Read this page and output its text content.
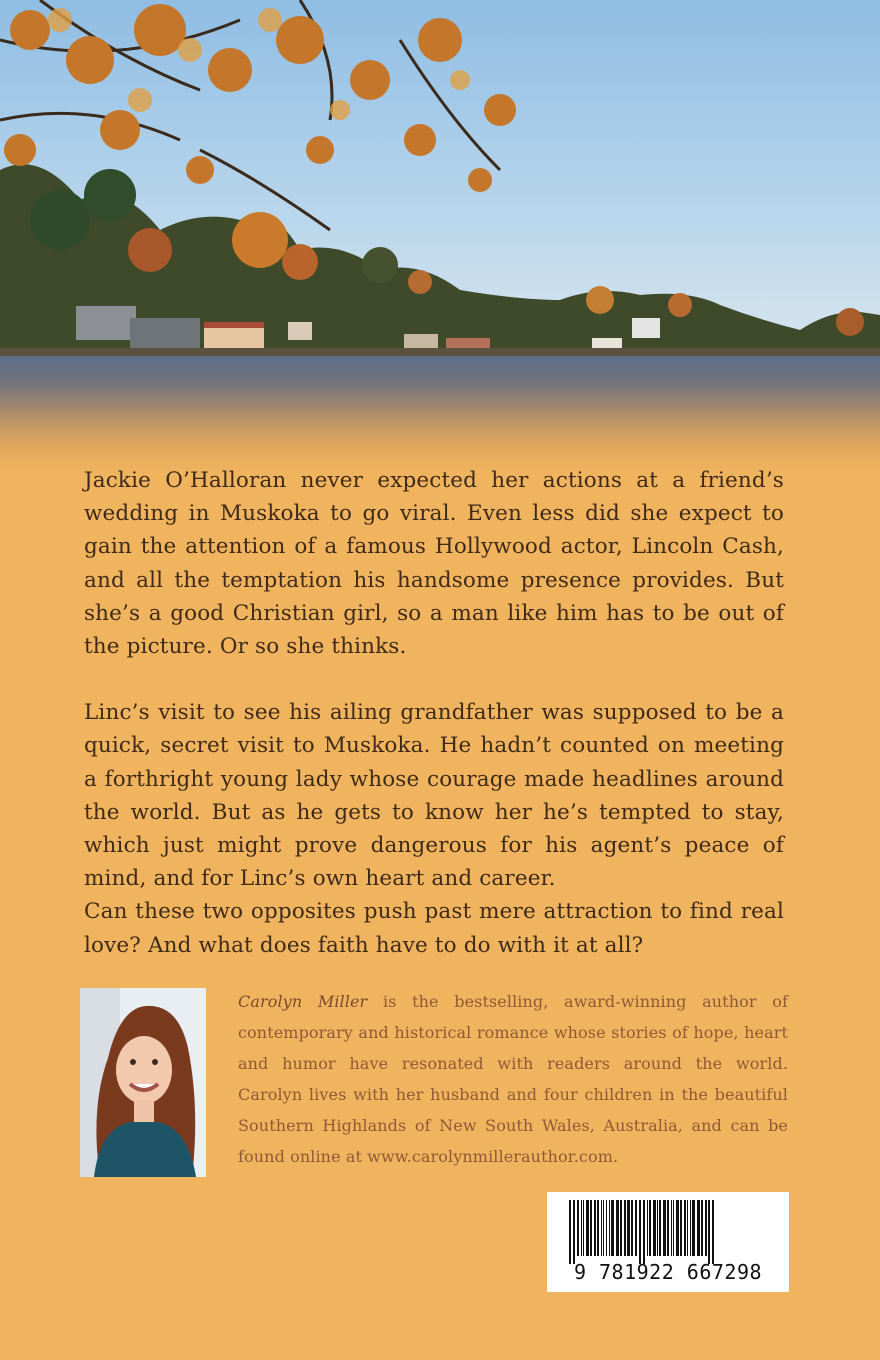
Jackie O’Halloran never expected her actions at a friend’s wedding in Muskoka to go viral. Even less did she expect to gain the attention of a famous Hollywood actor, Lincoln Cash, and all the temptation his handsome presence provides. But she’s a good Christian girl, so a man like him has to be out of the picture. Or so she thinks.

Linc’s visit to see his ailing grandfather was supposed to be a quick, secret visit to Muskoka. He hadn’t counted on meeting a forthright young lady whose courage made headlines around the world. But as he gets to know her he’s tempted to stay, which just might prove dangerous for his agent’s peace of mind, and for Linc’s own heart and career.

Can these two opposites push past mere attraction to find real love? And what does faith have to do with it at all?

Carolyn Miller is the bestselling, award-winning author of contemporary and historical romance whose stories of hope, heart and humor have resonated with readers around the world. Carolyn lives with her husband and four children in the beautiful Southern Highlands of New South Wales, Australia, and can be found online at www.carolynmillerauthor.com.
9 781922 667298
